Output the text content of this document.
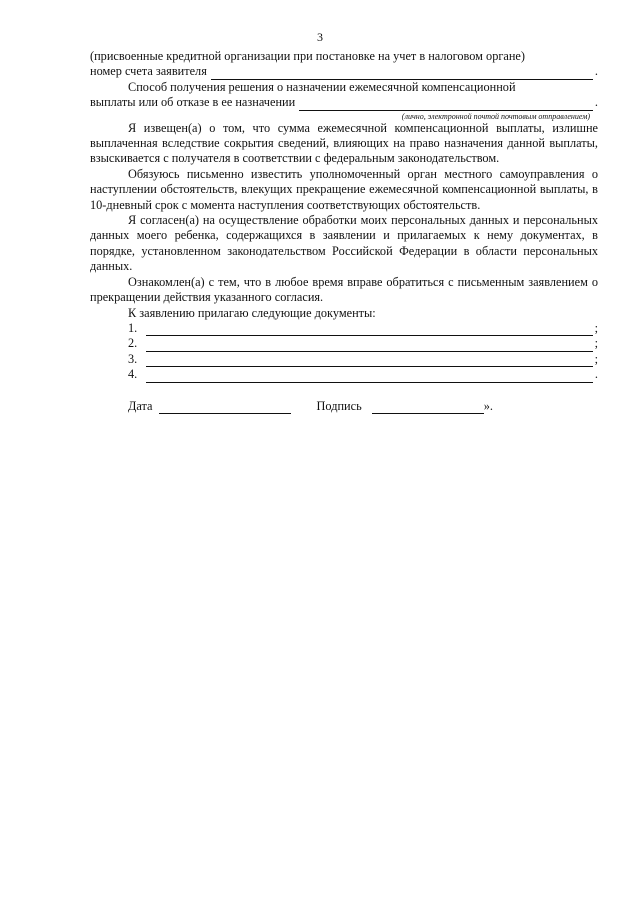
3

(присвоенные кредитной организации при постановке на учет в налоговом органе)

номер счета заявителя	.

Способ получения решения о назначении ежемесячной компенсационной

выплаты или об отказе в ее назначении	.
(лично, электронной почтой почтовым отправлением)

Я извещен(а) о том, что сумма ежемесячной компенсационной выплаты, излишне выплаченная вследствие сокрытия сведений, влияющих на право назначения данной выплаты, взыскивается с получателя в соответствии с федеральным законодательством.

Обязуюсь письменно известить уполномоченный орган местного самоуправления о наступлении обстоятельств, влекущих прекращение ежемесячной компенсационной выплаты, в 10-дневный срок с момента наступления соответствующих обстоятельств.

Я согласен(а) на осуществление обработки моих персональных данных и персональных данных моего ребенка, содержащихся в заявлении и прилагаемых к нему документах, в порядке, установленном законодательством Российской Федерации в области персональных данных.

Ознакомлен(а) с тем, что в любое время вправе обратиться с письменным заявлением о прекращении действия указанного согласия.

К заявлению прилагаю следующие документы:
1.	;
2.	;
3.	;
4.	.
Дата	Подпись	».
